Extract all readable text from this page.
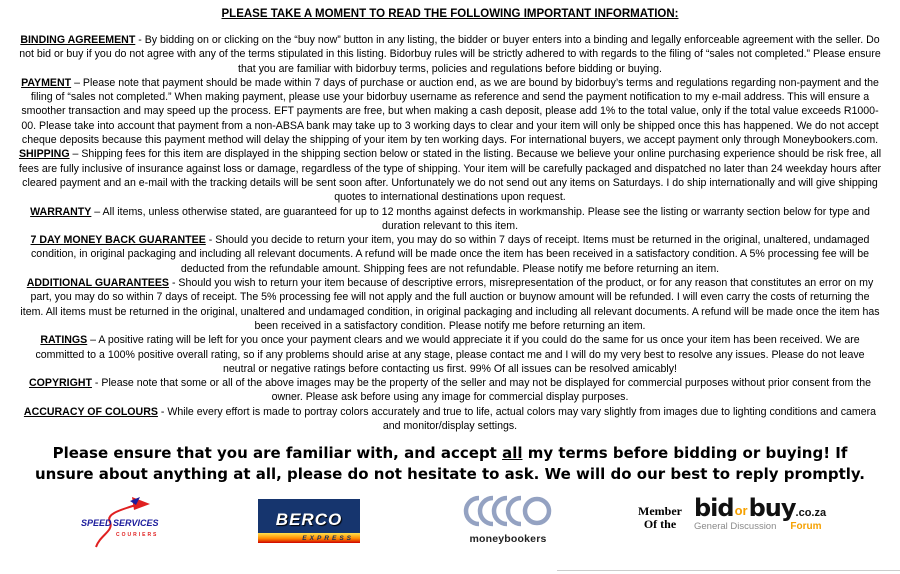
PLEASE TAKE A MOMENT TO READ THE FOLLOWING IMPORTANT INFORMATION:

BINDING AGREEMENT - By bidding on or clicking on the “buy now” button in any listing, the bidder or buyer enters into a binding and legally enforceable agreement with the seller. Do not bid or buy if you do not agree with any of the terms stipulated in this listing. Bidorbuy rules will be strictly adhered to with regards to the filing of “sales not completed.” Please ensure that you are familiar with bidorbuy terms, policies and regulations before bidding or buying.

PAYMENT – Please note that payment should be made within 7 days of purchase or auction end, as we are bound by bidorbuy’s terms and regulations regarding non-payment and the filing of “sales not completed.” When making payment, please use your bidorbuy username as reference and send the payment notification to my e-mail address. This will ensure a smoother transaction and may speed up the process. EFT payments are free, but when making a cash deposit, please add 1% to the total value, only if the total value exceeds R1000-00. Please take into account that payment from a non-ABSA bank may take up to 3 working days to clear and your item will only be shipped once this has happened. We do not accept cheque deposits because this payment method will delay the shipping of your item by ten working days. For international buyers, we accept payment only through Moneybookers.com.

SHIPPING – Shipping fees for this item are displayed in the shipping section below or stated in the listing. Because we believe your online purchasing experience should be risk free, all fees are fully inclusive of insurance against loss or damage, regardless of the type of shipping. Your item will be carefully packaged and dispatched no later than 24 weekday hours after cleared payment and an e-mail with the tracking details will be sent soon after. Unfortunately we do not send out any items on Saturdays. I do ship internationally and will give shipping quotes to international destinations upon request.

WARRANTY – All items, unless otherwise stated, are guaranteed for up to 12 months against defects in workmanship. Please see the listing or warranty section below for type and duration relevant to this item.

7 DAY MONEY BACK GUARANTEE - Should you decide to return your item, you may do so within 7 days of receipt. Items must be returned in the original, unaltered, undamaged condition, in original packaging and including all relevant documents. A refund will be made once the item has been received in a satisfactory condition. A 5% processing fee will be deducted from the refundable amount. Shipping fees are not refundable. Please notify me before returning an item.

ADDITIONAL GUARANTEES - Should you wish to return your item because of descriptive errors, misrepresentation of the product, or for any reason that constitutes an error on my part, you may do so within 7 days of receipt. The 5% processing fee will not apply and the full auction or buynow amount will be refunded. I will even carry the costs of returning the item. All items must be returned in the original, unaltered and undamaged condition, in original packaging and including all relevant documents. A refund will be made once the item has been received in a satisfactory condition. Please notify me before returning an item.

RATINGS – A positive rating will be left for you once your payment clears and we would appreciate it if you could do the same for us once your item has been received. We are committed to a 100% positive overall rating, so if any problems should arise at any stage, please contact me and I will do my very best to resolve any issues. Please do not leave neutral or negative ratings before contacting us first. 99% Of all issues can be resolved amicably!

COPYRIGHT - Please note that some or all of the above images may be the property of the seller and may not be displayed for commercial purposes without prior consent from the owner. Please ask before using any image for commercial display purposes.

ACCURACY OF COLOURS - While every effort is made to portray colors accurately and true to life, actual colors may vary slightly from images due to lighting conditions and camera and monitor/display settings.

Please ensure that you are familiar with, and accept all my terms before bidding or buying! If unsure about anything at all, please do not hesitate to ask. We will do our best to reply promptly.
SPEED SERVICES
COURIERS
BERCO
EXPRESS	moneybookers
Member
Of the
bid or buy .co.za
General Discussion Forum
